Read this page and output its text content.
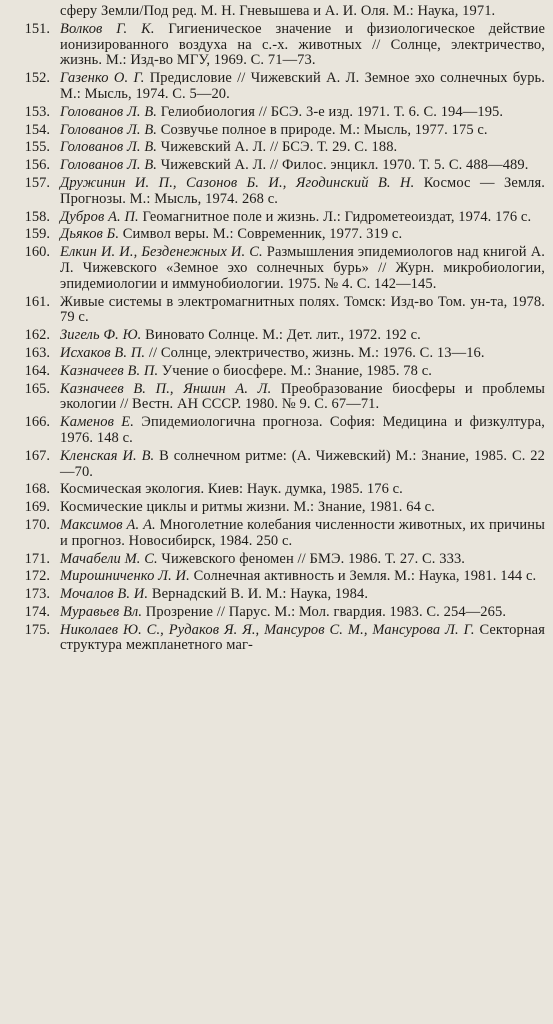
сферу Земли/Под ред. М. Н. Гневышева и А. И. Оля. М.: Наука, 1971.
151. Волков Г. К. Гигиеническое значение и физиологическое действие ионизированного воздуха на с.-х. животных // Солнце, электричество, жизнь. М.: Изд-во МГУ, 1969. С. 71—73.
152. Газенко О. Г. Предисловие // Чижевский А. Л. Земное эхо солнечных бурь. М.: Мысль, 1974. С. 5—20.
153. Голованов Л. В. Гелиобиология // БСЭ. 3-е изд. 1971. Т. 6. С. 194—195.
154. Голованов Л. В. Созвучье полное в природе. М.: Мысль, 1977. 175 с.
155. Голованов Л. В. Чижевский А. Л. // БСЭ. Т. 29. С. 188.
156. Голованов Л. В. Чижевский А. Л. // Филос. энцикл. 1970. Т. 5. С. 488—489.
157. Дружинин И. П., Сазонов Б. И., Ягодинский В. Н. Космос — Земля. Прогнозы. М.: Мысль, 1974. 268 с.
158. Дубров А. П. Геомагнитное поле и жизнь. Л.: Гидрометеоиздат, 1974. 176 с.
159. Дьяков Б. Символ веры. М.: Современник, 1977. 319 с.
160. Елкин И. И., Безденежных И. С. Размышления эпидемиологов над книгой А. Л. Чижевского «Земное эхо солнечных бурь» // Журн. микробиологии, эпидемиологии и иммунобиологии. 1975. № 4. С. 142—145.
161. Живые системы в электромагнитных полях. Томск: Изд-во Том. ун-та, 1978. 79 с.
162. Зигель Ф. Ю. Виновато Солнце. М.: Дет. лит., 1972. 192 с.
163. Исхаков В. П. // Солнце, электричество, жизнь. М.: 1976. С. 13—16.
164. Казначеев В. П. Учение о биосфере. М.: Знание, 1985. 78 с.
165. Казначеев В. П., Яншин А. Л. Преобразование биосферы и проблемы экологии // Вестн. АН СССР. 1980. № 9. С. 67—71.
166. Каменов Е. Эпидемиологична прогноза. София: Медицина и физкултура, 1976. 148 с.
167. Кленская И. В. В солнечном ритме: (А. Чижевский) М.: Знание, 1985. С. 22—70.
168. Космическая экология. Киев: Наук. думка, 1985. 176 с.
169. Космические циклы и ритмы жизни. М.: Знание, 1981. 64 с.
170. Максимов А. А. Многолетние колебания численности животных, их причины и прогноз. Новосибирск, 1984. 250 с.
171. Мачабели М. С. Чижевского феномен // БМЭ. 1986. Т. 27. С. 333.
172. Мирошниченко Л. И. Солнечная активность и Земля. М.: Наука, 1981. 144 с.
173. Мочалов В. И. Вернадский В. И. М.: Наука, 1984.
174. Муравьев Вл. Прозрение // Парус. М.: Мол. гвардия. 1983. С. 254—265.
175. Николаев Ю. С., Рудаков Я. Я., Мансуров С. М., Мансурова Л. Г. Секторная структура межпланетного маг-
